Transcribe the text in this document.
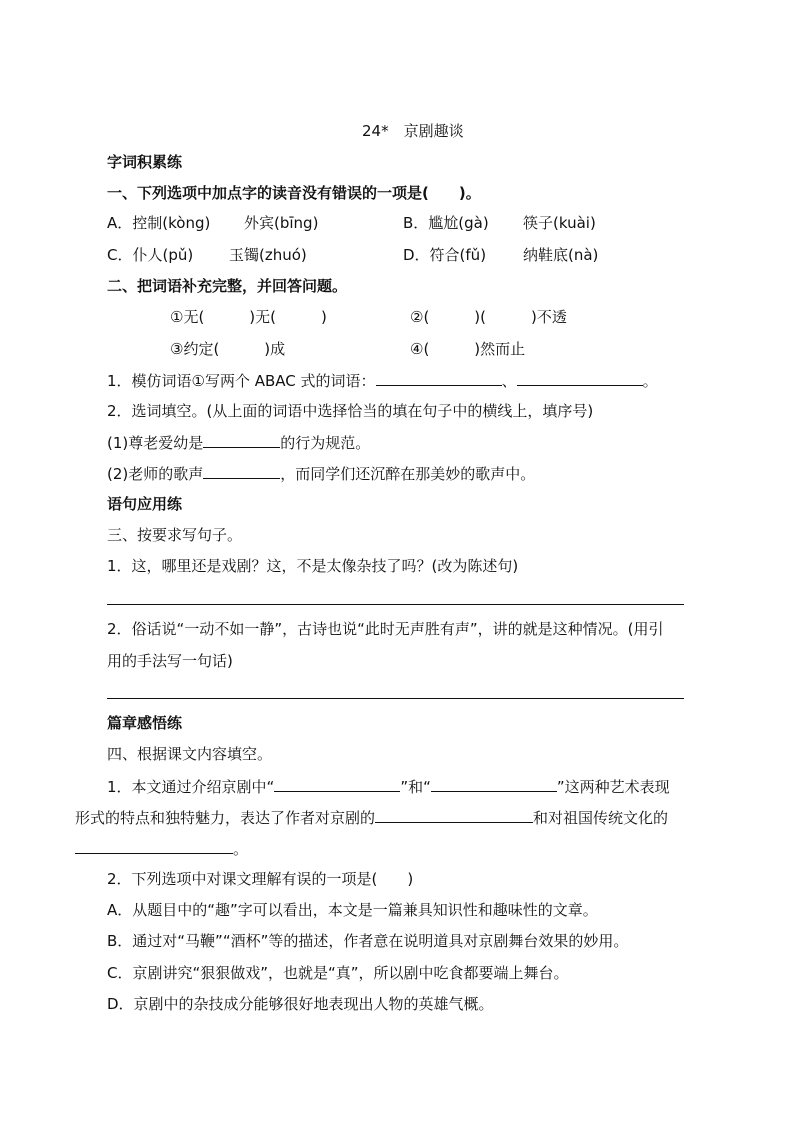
24*　京剧趣谈
字词积累练
一、下列选项中加点字的读音没有错误的一项是(　　)。
A．控制(kòng) 外宾(bīng)	B．尴尬(gà) 筷子(kuài)
C．仆人(pǔ) 玉镯(zhuó)	D．符合(fǔ) 纳鞋底(nà)
二、把词语补充完整，并回答问题。
①无(　　　)无(　　　)	②(　　　)(　　　)不透
③约定(　　　)成	④(　　　)然而止
1．模仿词语①写两个 ABAC 式的词语：	、	。
2．选词填空。(从上面的词语中选择恰当的填在句子中的横线上，填序号)
(1)尊老爱幼是	的行为规范。
(2)老师的歌声	，而同学们还沉醉在那美妙的歌声中。
语句应用练
三、按要求写句子。
1．这，哪里还是戏剧？这，不是太像杂技了吗？(改为陈述句)
2．俗话说“一动不如一静”，古诗也说“此时无声胜有声”，讲的就是这种情况。(用引
用的手法写一句话)
篇章感悟练
四、根据课文内容填空。
1．本文通过介绍京剧中“	”和“	”这两种艺术表现
形式的特点和独特魅力，表达了作者对京剧的	和对祖国传统文化的
。
2．下列选项中对课文理解有误的一项是(　　)
A．从题目中的“趣”字可以看出，本文是一篇兼具知识性和趣味性的文章。
B．通过对“马鞭”“酒杯”等的描述，作者意在说明道具对京剧舞台效果的妙用。
C．京剧讲究“狠狠做戏”，也就是“真”，所以剧中吃食都要端上舞台。
D．京剧中的杂技成分能够很好地表现出人物的英雄气概。
